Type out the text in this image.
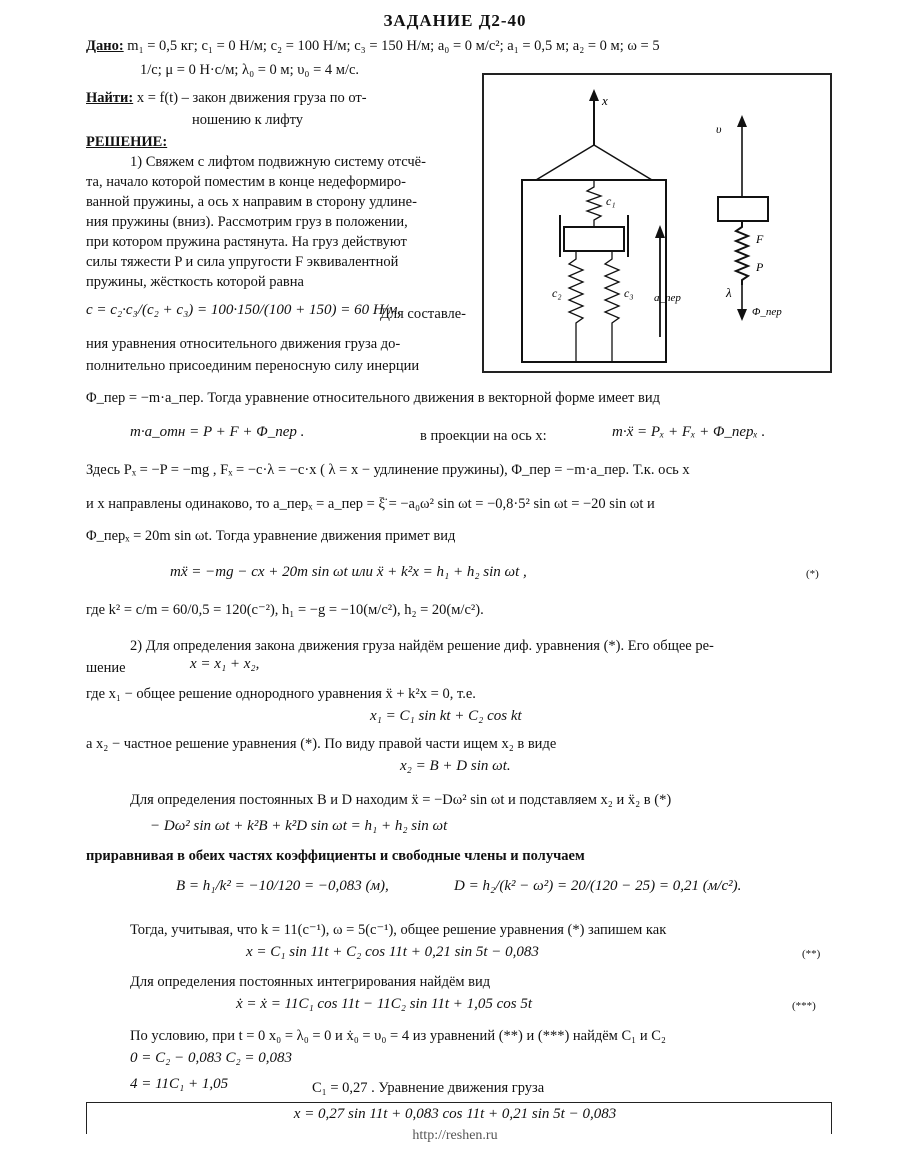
ЗАДАНИЕ Д2-40
Дано: m₁ = 0,5 кг; c₁ = 0 Н/м; c₂ = 100 Н/м; c₃ = 150 Н/м; a₀ = 0 м/с²; a₁ = 0,5 м; a₂ = 0 м; ω = 5
1/с; μ = 0 Н·с/м; λ₀ = 0 м; υ₀ = 4 м/с.
Найти: x = f(t) – закон движения груза по от-
ношению к лифту
РЕШЕНИЕ:
1) Свяжем с лифтом подвижную систему отсчё-
та, начало которой поместим в конце недеформиро-
ванной пружины, а ось x направим в сторону удлине-
ния пружины (вниз). Рассмотрим груз в положении,
при котором пружина растянута. На груз действуют
силы тяжести P и сила упругости F эквивалентной
пружины, жёсткость которой равна
c = c₂·c₃/(c₂ + c₃) = 100·150/(100 + 150) = 60 Н/м.
Для составле-
ния уравнения относительного движения груза до-
полнительно присоединим переносную силу инерции
Φ_пер = −m·a_пер. Тогда уравнение относительного движения в векторной форме имеет вид
m·a_отн = P + F + Φ_пер .	в проекции на ось x:	m·ẍ = Pₓ + Fₓ + Φ_перₓ .
Здесь Pₓ = −P = −mg , Fₓ = −c·λ = −c·x ( λ = x − удлинение пружины), Φ_пер = −m·a_пер. Т.к. ось x
и x направлены одинаково, то a_перₓ = a_пер = ξ̈ = −a₀ω² sin ωt = −0,8·5² sin ωt = −20 sin ωt и
Φ_перₓ = 20m sin ωt. Тогда уравнение движения примет вид
mẍ = −mg − cx + 20m sin ωt или ẍ + k²x = h₁ + h₂ sin ωt ,	(*)
где k² = c/m = 60/0,5 = 120(c⁻²), h₁ = −g = −10(м/с²), h₂ = 20(м/с²).
2) Для определения закона движения груза найдём решение диф. уравнения (*). Его общее ре-
шение	x = x₁ + x₂,
где x₁ − общее решение однородного уравнения ẍ + k²x = 0, т.е.
x₁ = C₁ sin kt + C₂ cos kt
а x₂ − частное решение уравнения (*). По виду правой части ищем x₂ в виде
x₂ = B + D sin ωt.
Для определения постоянных B и D находим ẍ = −Dω² sin ωt и подставляем x₂ и ẍ₂ в (*)
− Dω² sin ωt + k²B + k²D sin ωt = h₁ + h₂ sin ωt
приравнивая в обеих частях коэффициенты и свободные члены и получаем
B = h₁/k² = −10/120 = −0,083 (м),	D = h₂/(k² − ω²) = 20/(120 − 25) = 0,21 (м/с²).
Тогда, учитывая, что k = 11(c⁻¹), ω = 5(c⁻¹), общее решение уравнения (*) запишем как
x = C₁ sin 11t + C₂ cos 11t + 0,21 sin 5t − 0,083	(**)
Для определения постоянных интегрирования найдём вид
ẋ = ẋ = 11C₁ cos 11t − 11C₂ sin 11t + 1,05 cos 5t	(***)
По условию, при t = 0 x₀ = λ₀ = 0 и ẋ₀ = υ₀ = 4 из уравнений (**) и (***) найдём C₁ и C₂
0 = C₂ − 0,083 C₂ = 0,083
4 = 11C₁ + 1,05	C₁ = 0,27 . Уравнение движения груза
x = 0,27 sin 11t + 0,083 cos 11t + 0,21 sin 5t − 0,083
http://reshen.ru
x
c₁
c₂	c₃ a_пер
υ
F
P
λ
Φ_пер
